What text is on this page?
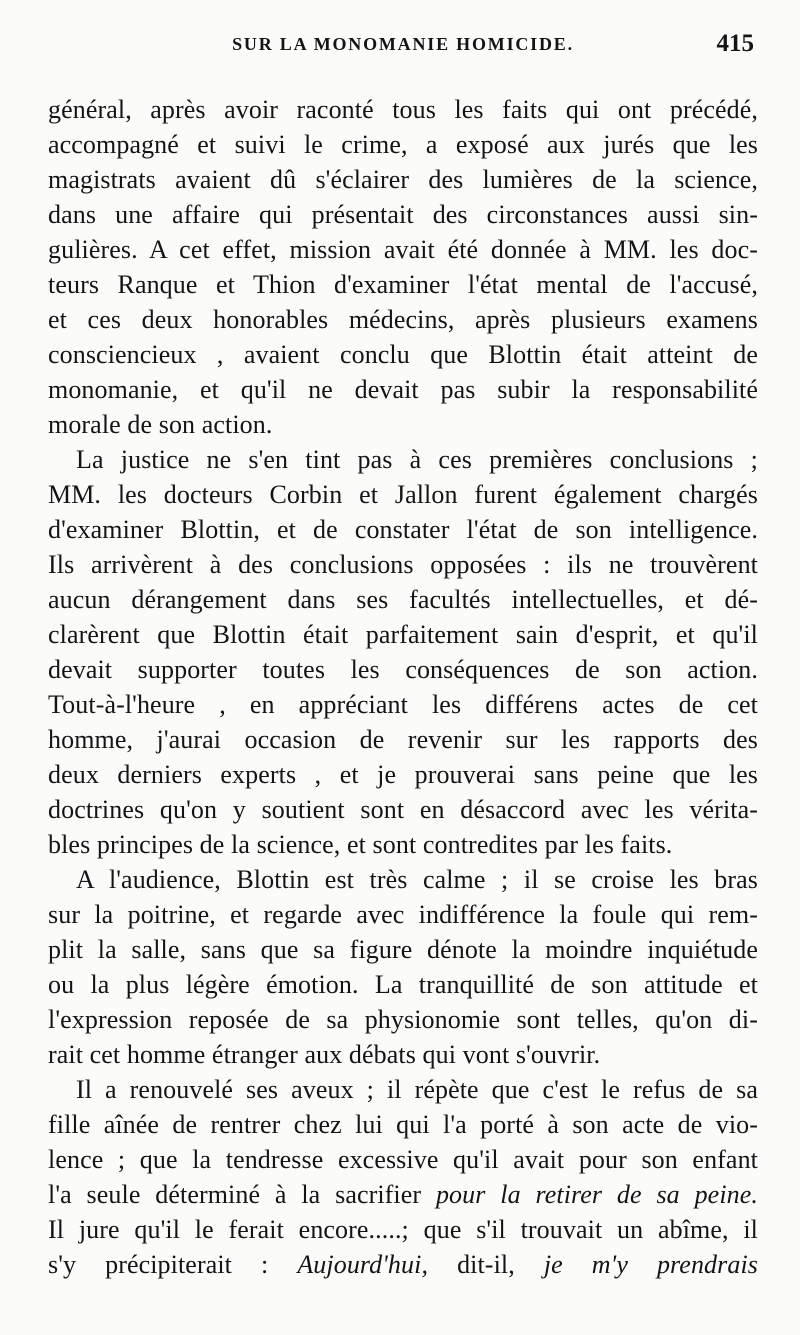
SUR LA MONOMANIE HOMICIDE.	415
général, après avoir raconté tous les faits qui ont précédé,
accompagné et suivi le crime, a exposé aux jurés que les
magistrats avaient dû s'éclairer des lumières de la science,
dans une affaire qui présentait des circonstances aussi sin-
gulières. A cet effet, mission avait été donnée à MM. les doc-
teurs Ranque et Thion d'examiner l'état mental de l'accusé,
et ces deux honorables médecins, après plusieurs examens
consciencieux , avaient conclu que Blottin était atteint de
monomanie, et qu'il ne devait pas subir la responsabilité
morale de son action.
La justice ne s'en tint pas à ces premières conclusions ;
MM. les docteurs Corbin et Jallon furent également chargés
d'examiner Blottin, et de constater l'état de son intelligence.
Ils arrivèrent à des conclusions opposées : ils ne trouvèrent
aucun dérangement dans ses facultés intellectuelles, et dé-
clarèrent que Blottin était parfaitement sain d'esprit, et qu'il
devait supporter toutes les conséquences de son action.
Tout-à-l'heure , en appréciant les différens actes de cet
homme, j'aurai occasion de revenir sur les rapports des
deux derniers experts , et je prouverai sans peine que les
doctrines qu'on y soutient sont en désaccord avec les vérita-
bles principes de la science, et sont contredites par les faits.
A l'audience, Blottin est très calme ; il se croise les bras
sur la poitrine, et regarde avec indifférence la foule qui rem-
plit la salle, sans que sa figure dénote la moindre inquiétude
ou la plus légère émotion. La tranquillité de son attitude et
l'expression reposée de sa physionomie sont telles, qu'on di-
rait cet homme étranger aux débats qui vont s'ouvrir.
Il a renouvelé ses aveux ; il répète que c'est le refus de sa
fille aînée de rentrer chez lui qui l'a porté à son acte de vio-
lence ; que la tendresse excessive qu'il avait pour son enfant
l'a seule déterminé à la sacrifier pour la retirer de sa peine.
Il jure qu'il le ferait encore.....; que s'il trouvait un abîme, il
s'y précipiterait : Aujourd'hui, dit-il, je m'y prendrais
